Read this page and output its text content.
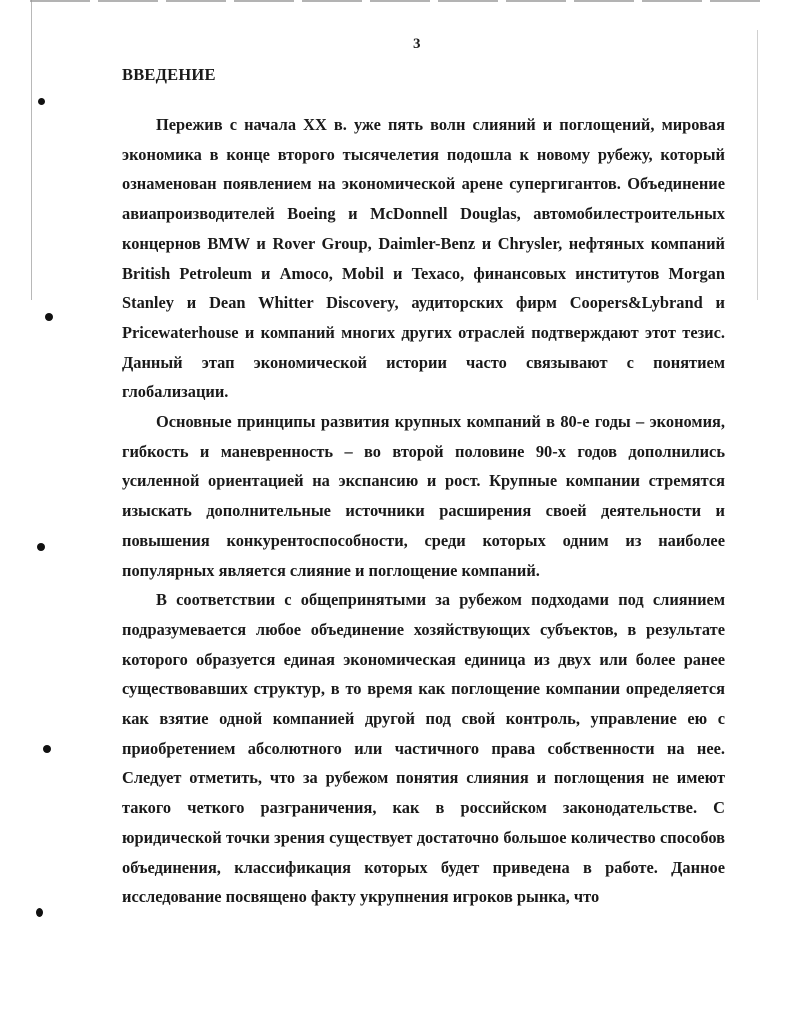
3
ВВЕДЕНИЕ

Пережив с начала XX в. уже пять волн слияний и поглощений, мировая экономика в конце второго тысячелетия подошла к новому рубежу, который ознаменован появлением на экономической арене супергигантов. Объединение авиапроизводителей Boeing и McDonnell Douglas, автомобилестроительных концернов BMW и Rover Group, Daimler-Benz и Chrysler, нефтяных компаний British Petroleum и Amoco, Mobil и Texaco, финансовых институтов Morgan Stanley и Dean Whitter Discovery, аудиторских фирм Coopers&Lybrand и Pricewaterhouse и компаний многих других отраслей подтверждают этот тезис. Данный этап экономической истории часто связывают с понятием глобализации.

Основные принципы развития крупных компаний в 80-е годы – экономия, гибкость и маневренность – во второй половине 90-х годов дополнились усиленной ориентацией на экспансию и рост. Крупные компании стремятся изыскать дополнительные источники расширения своей деятельности и повышения конкурентоспособности, среди которых одним из наиболее популярных является слияние и поглощение компаний.

В соответствии с общепринятыми за рубежом подходами под слиянием подразумевается любое объединение хозяйствующих субъектов, в результате которого образуется единая экономическая единица из двух или более ранее существовавших структур, в то время как поглощение компании определяется как взятие одной компанией другой под свой контроль, управление ею с приобретением абсолютного или частичного права собственности на нее. Следует отметить, что за рубежом понятия слияния и поглощения не имеют такого четкого разграничения, как в российском законодательстве. С юридической точки зрения существует достаточно большое количество способов объединения, классификация которых будет приведена в работе. Данное исследование посвящено факту укрупнения игроков рынка, что
